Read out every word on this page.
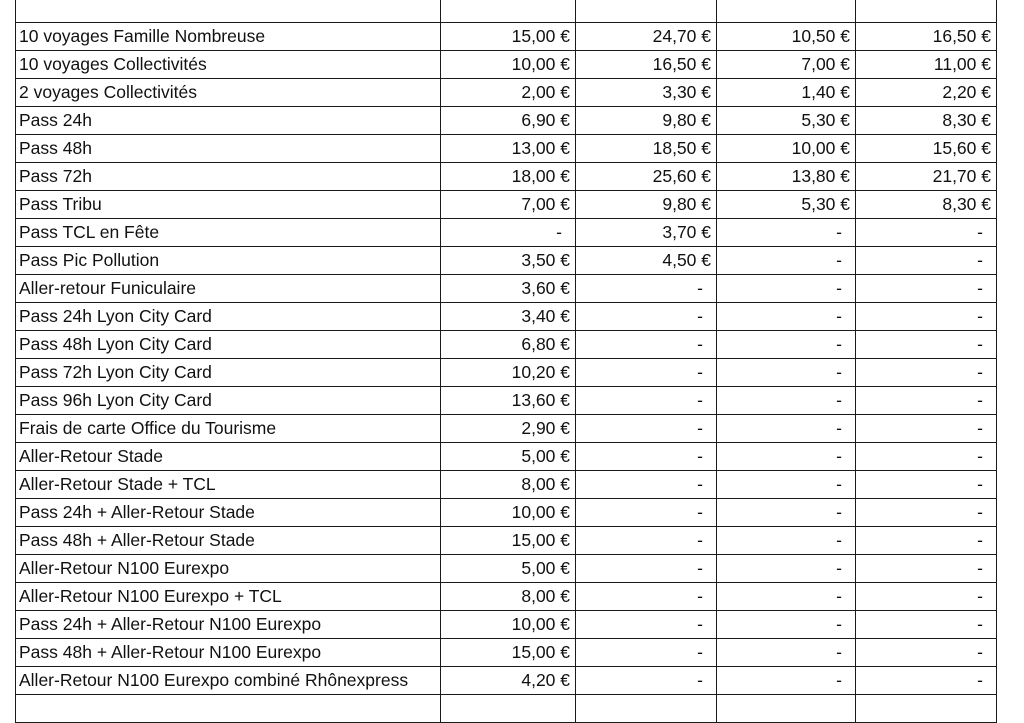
10 voyages Famille Nombreuse	15,00 €	24,70 €	10,50 €	16,50 €
10 voyages Collectivités	10,00 €	16,50 €	7,00 €	11,00 €
2 voyages Collectivités	2,00 €	3,30 €	1,40 €	2,20 €
Pass 24h	6,90 €	9,80 €	5,30 €	8,30 €
Pass 48h	13,00 €	18,50 €	10,00 €	15,60 €
Pass 72h	18,00 €	25,60 €	13,80 €	21,70 €
Pass Tribu	7,00 €	9,80 €	5,30 €	8,30 €
Pass TCL en Fête	-	3,70 €	-	-
Pass Pic Pollution	3,50 €	4,50 €	-	-
Aller-retour Funiculaire	3,60 €	-	-	-
Pass 24h Lyon City Card	3,40 €	-	-	-
Pass 48h Lyon City Card	6,80 €	-	-	-
Pass 72h Lyon City Card	10,20 €	-	-	-
Pass 96h Lyon City Card	13,60 €	-	-	-
Frais de carte Office du Tourisme	2,90 €	-	-	-
Aller-Retour Stade	5,00 €	-	-	-
Aller-Retour Stade + TCL	8,00 €	-	-	-
Pass 24h + Aller-Retour Stade	10,00 €	-	-	-
Pass 48h + Aller-Retour Stade	15,00 €	-	-	-
Aller-Retour N100 Eurexpo	5,00 €	-	-	-
Aller-Retour N100 Eurexpo + TCL	8,00 €	-	-	-
Pass 24h + Aller-Retour N100 Eurexpo	10,00 €	-	-	-
Pass 48h + Aller-Retour N100 Eurexpo	15,00 €	-	-	-
Aller-Retour N100 Eurexpo combiné Rhônexpress	4,20 €	-	-	-
